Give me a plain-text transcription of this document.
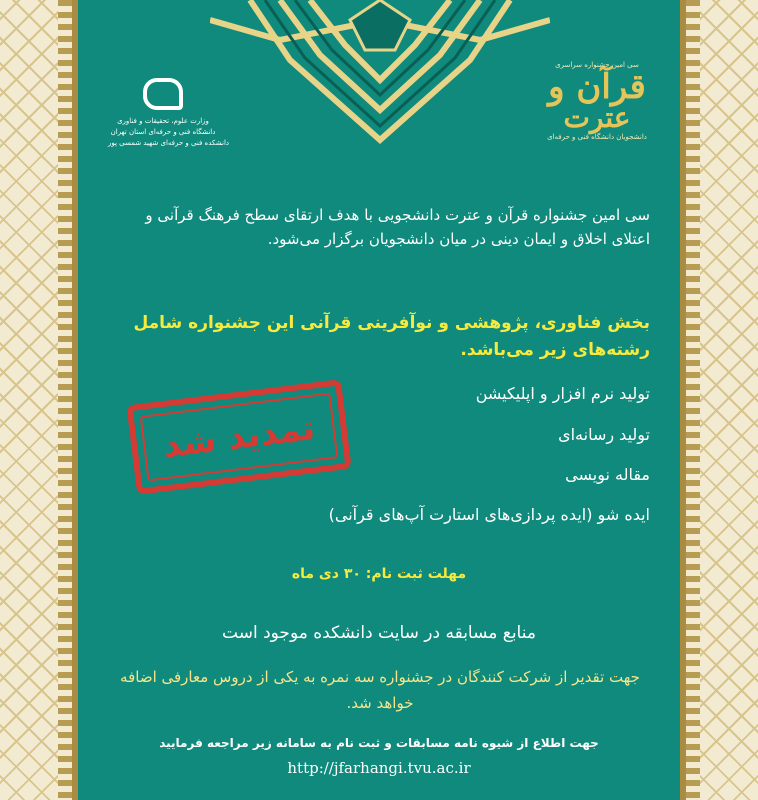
وزارت علوم، تحقیقات و فناوری
دانشگاه فنی و حرفه‌ای استان تهران
دانشکده فنی و حرفه‌ای شهید شمسی پور
سی امین جشنواره سراسری
قرآن و
عترت
دانشجویان دانشگاه فنی و حرفه‌ای
سی امین جشنواره قرآن و عترت دانشجویی با هدف ارتقای سطح فرهنگ قرآنی و اعتلای اخلاق و ایمان دینی در میان دانشجویان برگزار می‌شود.
بخش فناوری، پژوهشی و نوآفرینی قرآنی این جشنواره شامل رشته‌های زیر می‌باشد.
تولید نرم افزار و اپلیکیشن
تولید رسانه‌ای
مقاله نویسی
ایده شو (ایده پردازی‌های استارت آپ‌های قرآنی)
تمدید شد
مهلت ثبت نام: ۳۰ دی ماه
منابع مسابقه در سایت دانشکده موجود است
جهت تقدیر از شرکت کنندگان در جشنواره سه نمره به یکی از دروس معارفی اضافه خواهد شد.
جهت اطلاع از شیوه نامه مسابقات و ثبت نام به سامانه زیر مراجعه فرمایید
http://jfarhangi.tvu.ac.ir
